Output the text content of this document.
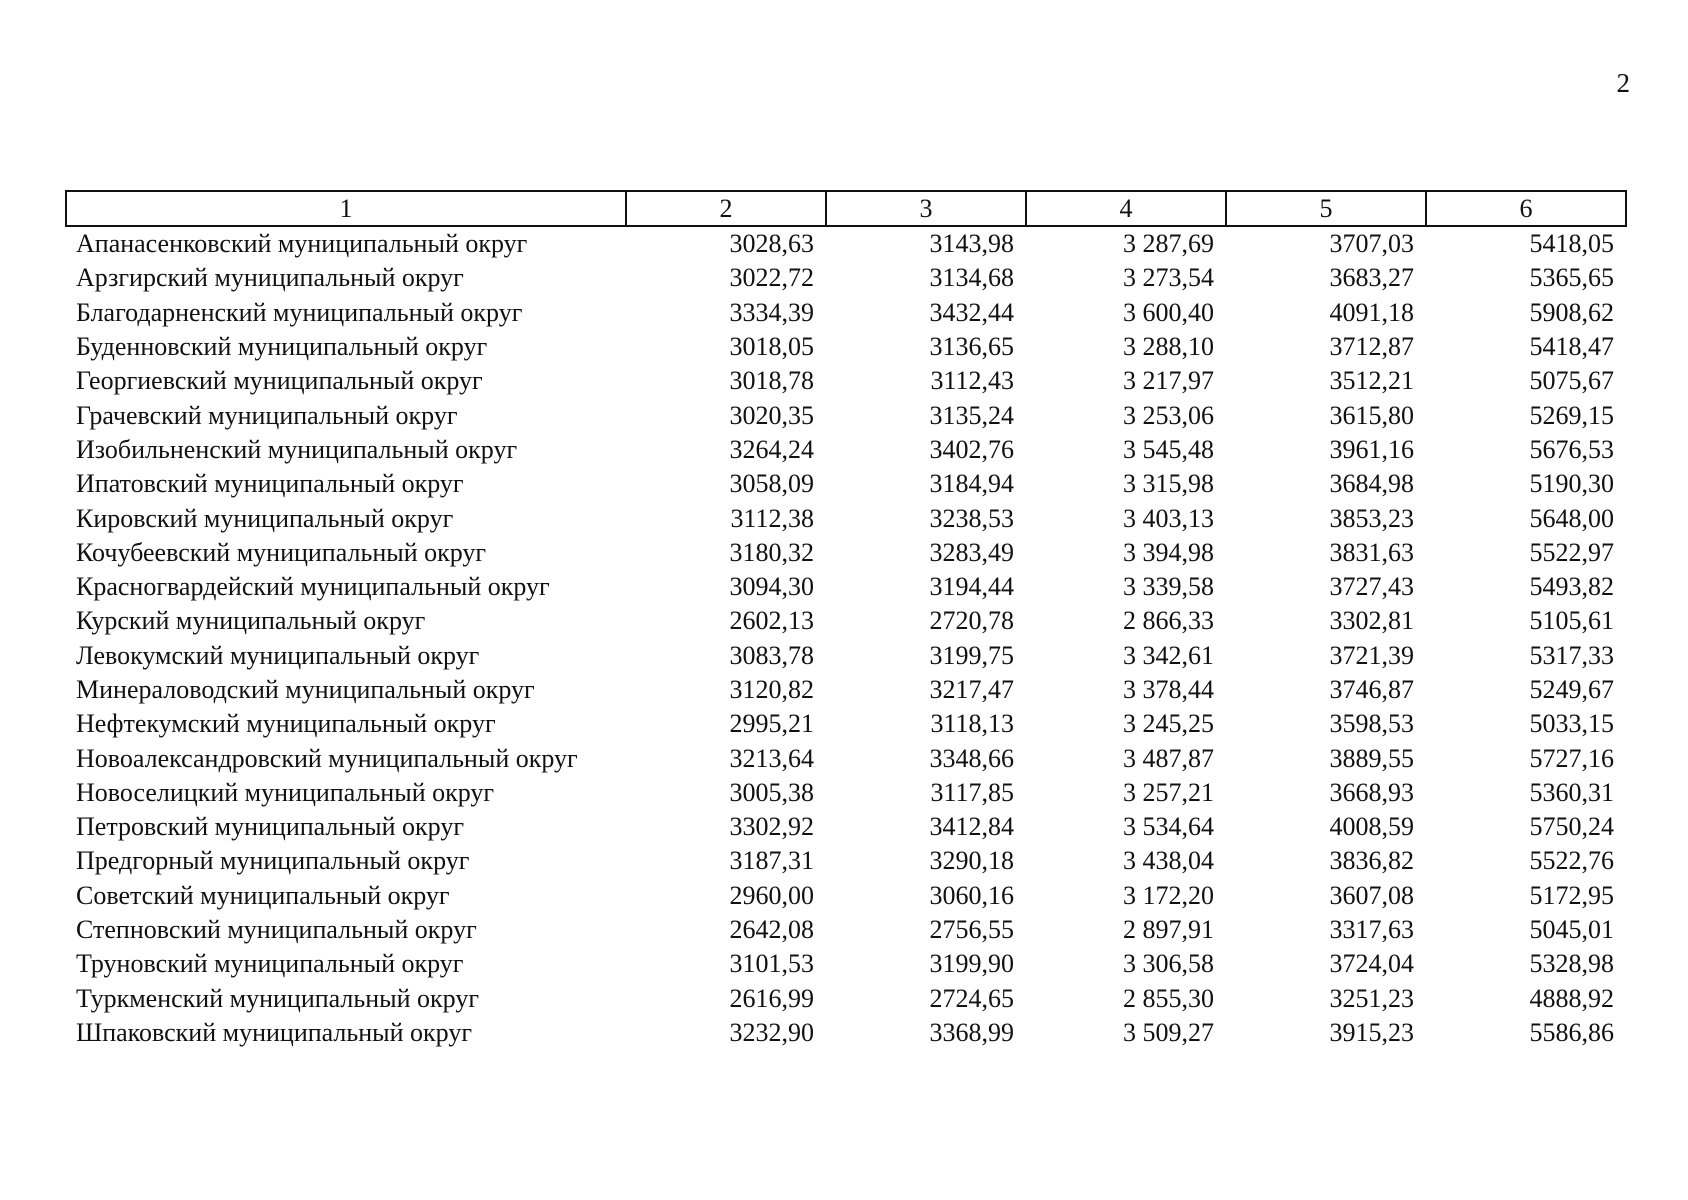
2
1	2	3	4	5	6
Апанасенковский муниципальный округ	3028,63	3143,98	3 287,69	3707,03	5418,05
Арзгирский муниципальный округ	3022,72	3134,68	3 273,54	3683,27	5365,65
Благодарненский муниципальный округ	3334,39	3432,44	3 600,40	4091,18	5908,62
Буденновский муниципальный округ	3018,05	3136,65	3 288,10	3712,87	5418,47
Георгиевский муниципальный округ	3018,78	3112,43	3 217,97	3512,21	5075,67
Грачевский муниципальный округ	3020,35	3135,24	3 253,06	3615,80	5269,15
Изобильненский муниципальный округ	3264,24	3402,76	3 545,48	3961,16	5676,53
Ипатовский муниципальный округ	3058,09	3184,94	3 315,98	3684,98	5190,30
Кировский муниципальный округ	3112,38	3238,53	3 403,13	3853,23	5648,00
Кочубеевский муниципальный округ	3180,32	3283,49	3 394,98	3831,63	5522,97
Красногвардейский муниципальный округ	3094,30	3194,44	3 339,58	3727,43	5493,82
Курский муниципальный округ	2602,13	2720,78	2 866,33	3302,81	5105,61
Левокумский муниципальный округ	3083,78	3199,75	3 342,61	3721,39	5317,33
Минераловодский муниципальный округ	3120,82	3217,47	3 378,44	3746,87	5249,67
Нефтекумский муниципальный округ	2995,21	3118,13	3 245,25	3598,53	5033,15
Новоалександровский муниципальный округ	3213,64	3348,66	3 487,87	3889,55	5727,16
Новоселицкий муниципальный округ	3005,38	3117,85	3 257,21	3668,93	5360,31
Петровский муниципальный округ	3302,92	3412,84	3 534,64	4008,59	5750,24
Предгорный муниципальный округ	3187,31	3290,18	3 438,04	3836,82	5522,76
Советский муниципальный округ	2960,00	3060,16	3 172,20	3607,08	5172,95
Степновский муниципальный округ	2642,08	2756,55	2 897,91	3317,63	5045,01
Труновский муниципальный округ	3101,53	3199,90	3 306,58	3724,04	5328,98
Туркменский муниципальный округ	2616,99	2724,65	2 855,30	3251,23	4888,92
Шпаковский муниципальный округ	3232,90	3368,99	3 509,27	3915,23	5586,86
